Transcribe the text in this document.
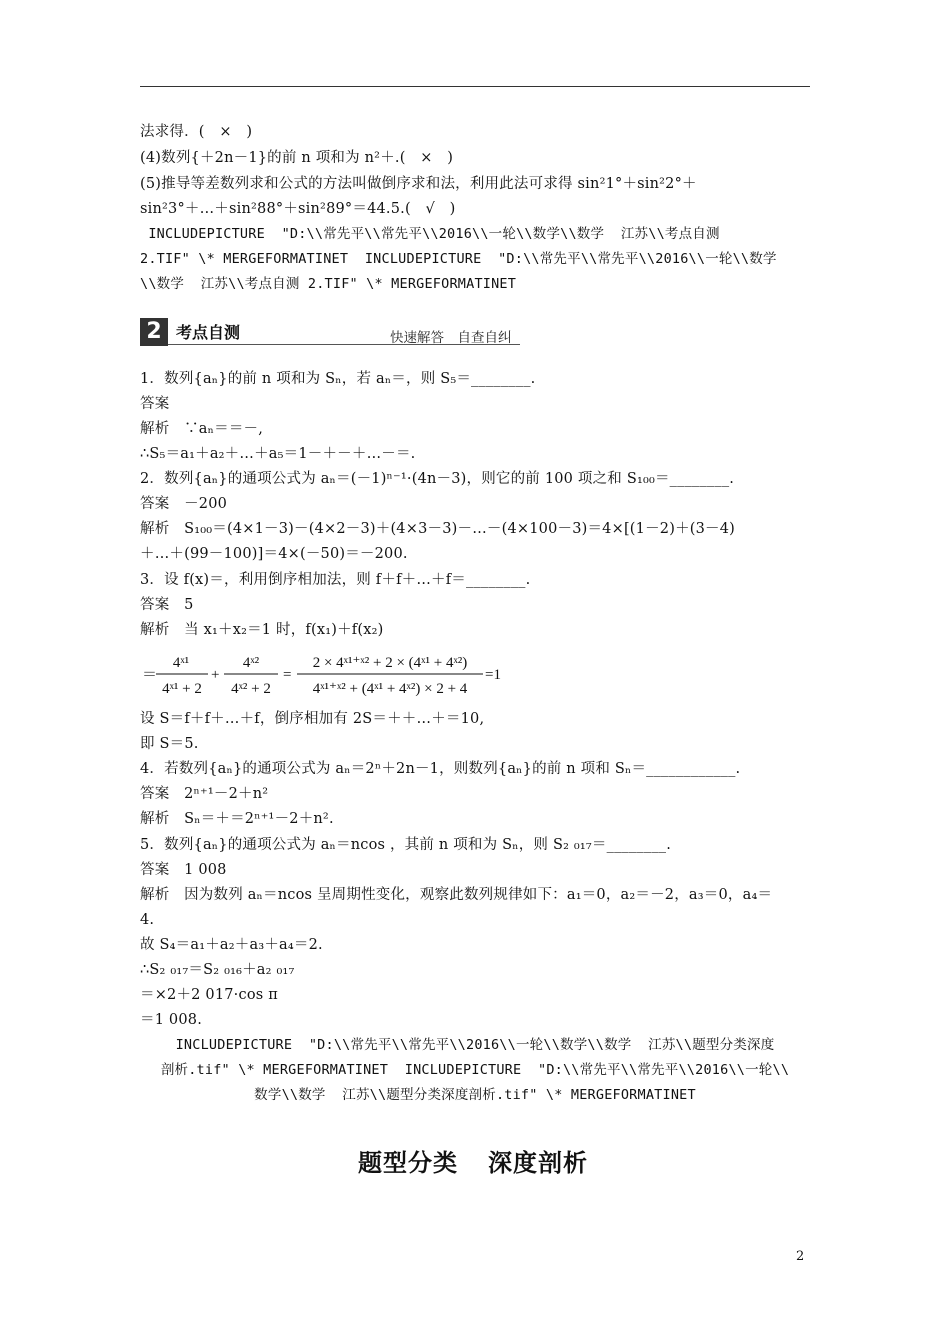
法求得．(　×　)
(4)数列{＋2n－1}的前 n 项和为 n²＋.(　×　)
(5)推导等差数列求和公式的方法叫做倒序求和法，利用此法可求得 sin²1°＋sin²2°＋
sin²3°＋…＋sin²88°＋sin²89°＝44.5.(　√　)
INCLUDEPICTURE  "D:\\常先平\\常先平\\2016\\一轮\\数学\\数学  江苏\\考点自测
2.TIF" \* MERGEFORMATINET  INCLUDEPICTURE  "D:\\常先平\\常先平\\2016\\一轮\\数学
\\数学  江苏\\考点自测 2.TIF" \* MERGEFORMATINET
2 考点自测	快速解答　自查自纠
1．数列{aₙ}的前 n 项和为 Sₙ，若 aₙ＝，则 S₅＝________.
答案
解析　∵aₙ＝＝－,
∴S₅＝a₁＋a₂＋…＋a₅＝1－＋－＋…－＝.
2．数列{aₙ}的通项公式为 aₙ＝(－1)ⁿ⁻¹·(4n－3)，则它的前 100 项之和 S₁₀₀＝________.
答案　－200
解析　S₁₀₀＝(4×1－3)－(4×2－3)＋(4×3－3)－…－(4×100－3)＝4×[(1－2)＋(3－4)
＋…＋(99－100)]＝4×(－50)＝－200.
3．设 f(x)＝，利用倒序相加法，则 f＋f＋…＋f＝________.
答案　5
解析　当 x₁＋x₂＝1 时，f(x₁)＋f(x₂)
＝
4ˣ¹
4ˣ¹ + 2
+
4ˣ²
4ˣ² + 2
=
2 × 4ˣ¹⁺ˣ² + 2 × (4ˣ¹ + 4ˣ²)
4ˣ¹⁺ˣ² + (4ˣ¹ + 4ˣ²) × 2 + 4
=1
设 S＝f＋f＋…＋f，倒序相加有 2S＝＋＋…＋＝10,
即 S＝5.
4．若数列{aₙ}的通项公式为 aₙ＝2ⁿ＋2n－1，则数列{aₙ}的前 n 项和 Sₙ＝____________.
答案　2ⁿ⁺¹－2＋n²
解析　Sₙ＝＋＝2ⁿ⁺¹－2＋n².
5．数列{aₙ}的通项公式为 aₙ＝ncos ，其前 n 项和为 Sₙ，则 S₂ ₀₁₇＝________.
答案　1 008
解析　因为数列 aₙ＝ncos 呈周期性变化，观察此数列规律如下：a₁＝0，a₂＝－2，a₃＝0，a₄＝
4.
故 S₄＝a₁＋a₂＋a₃＋a₄＝2.
∴S₂ ₀₁₇＝S₂ ₀₁₆＋a₂ ₀₁₇
＝×2＋2 017·cos π
＝1 008.
INCLUDEPICTURE  "D:\\常先平\\常先平\\2016\\一轮\\数学\\数学  江苏\\题型分类深度
剖析.tif" \* MERGEFORMATINET  INCLUDEPICTURE  "D:\\常先平\\常先平\\2016\\一轮\\
数学\\数学  江苏\\题型分类深度剖析.tif" \* MERGEFORMATINET
题型分类 深度剖析
2
